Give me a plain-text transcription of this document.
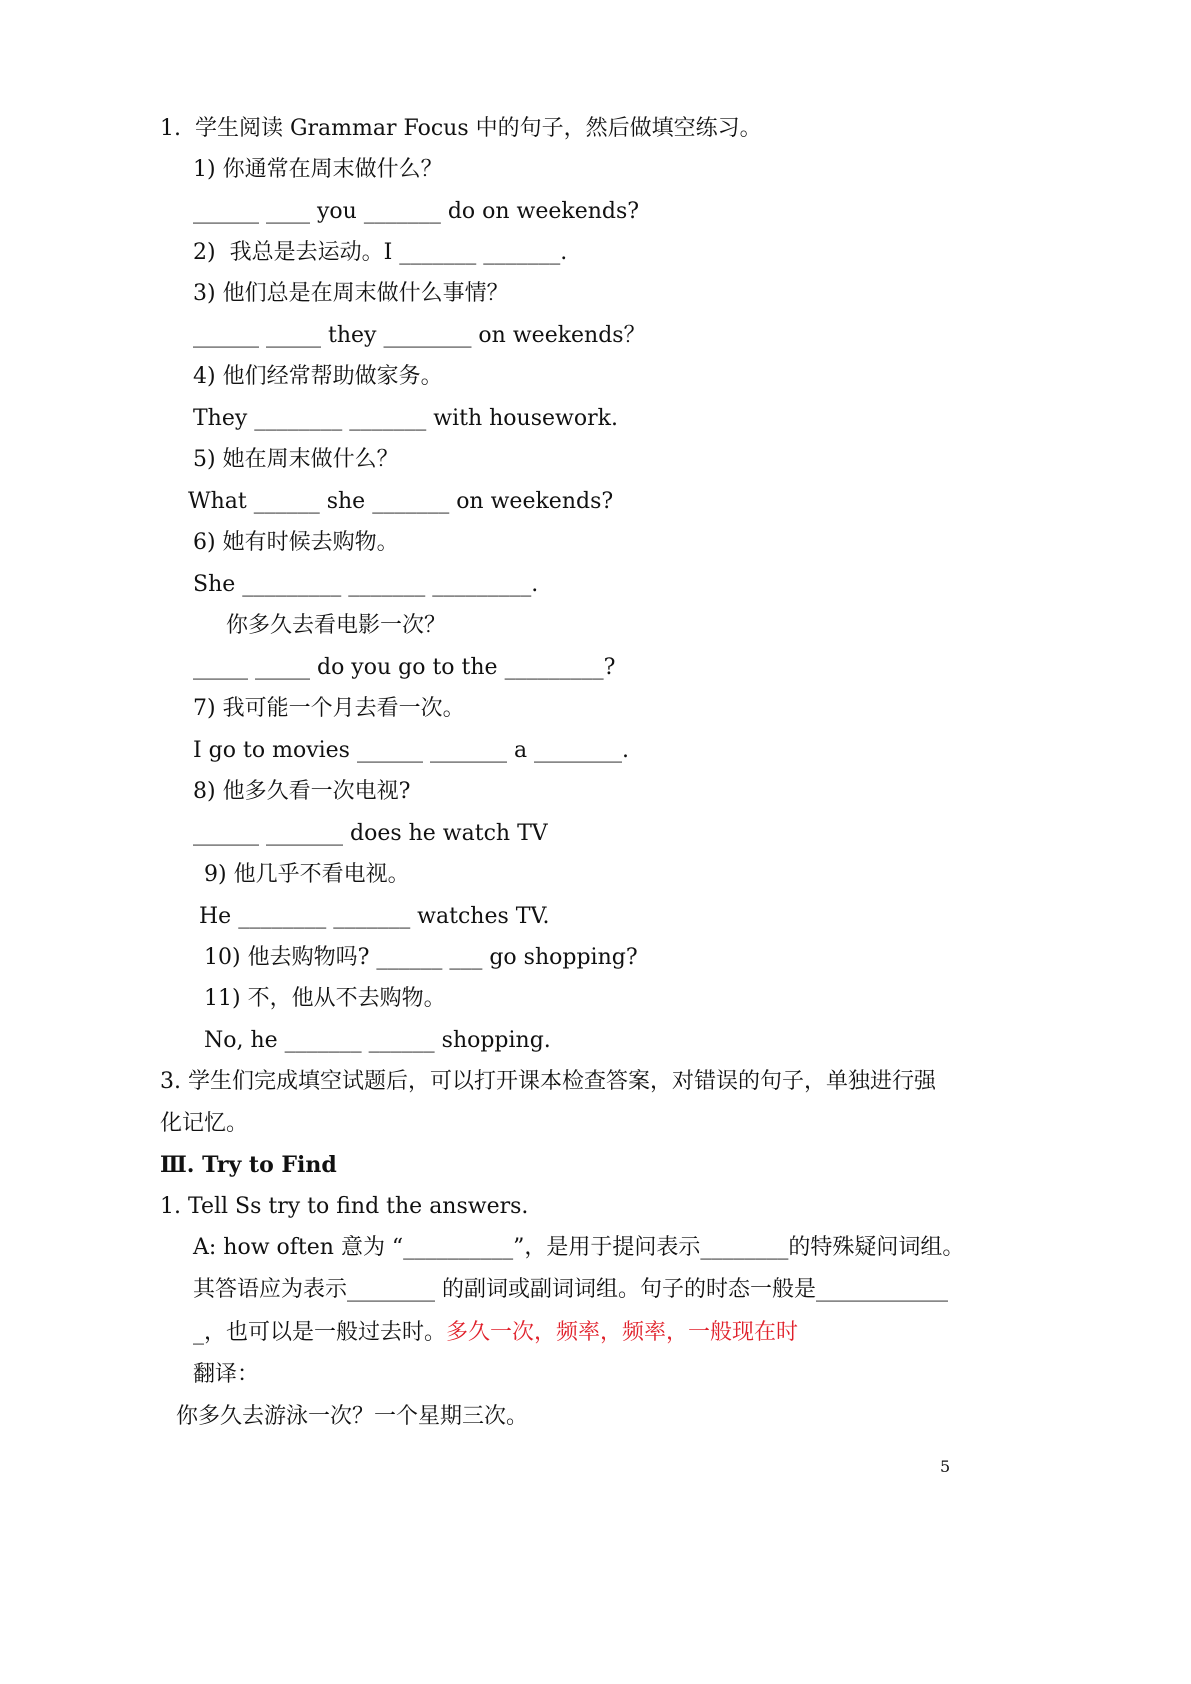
1.  学生阅读 Grammar Focus 中的句子，然后做填空练习。
1) 你通常在周末做什么？
______ ____ you _______ do on weekends?
2)  我总是去运动。I _______ _______.
3) 他们总是在周末做什么事情？
______ _____ they ________ on weekends？
4) 他们经常帮助做家务。
They ________ _______ with housework.
5) 她在周末做什么？
What ______ she _______ on weekends?
6) 她有时候去购物。
She _________ _______ _________.
你多久去看电影一次？
_____ _____ do you go to the _________?
7) 我可能一个月去看一次。
I go to movies ______ _______ a ________.
8) 他多久看一次电视?
______ _______ does he watch TV
9) 他几乎不看电视。
He ________ _______ watches TV.
10) 他去购物吗? ______ ___ go shopping?
11) 不，他从不去购物。
No, he _______ ______ shopping.
3. 学生们完成填空试题后，可以打开课本检查答案，对错误的句子，单独进行强
化记忆。
Ⅲ. Try to Find
1. Tell Ss try to find the answers.
A: how often 意为 “__________”，是用于提问表示________的特殊疑问词组。
其答语应为表示________ 的副词或副词词组。句子的时态一般是____________
_，也可以是一般过去时。多久一次，频率，频率，一般现在时
翻译：
你多久去游泳一次？一个星期三次。
5
